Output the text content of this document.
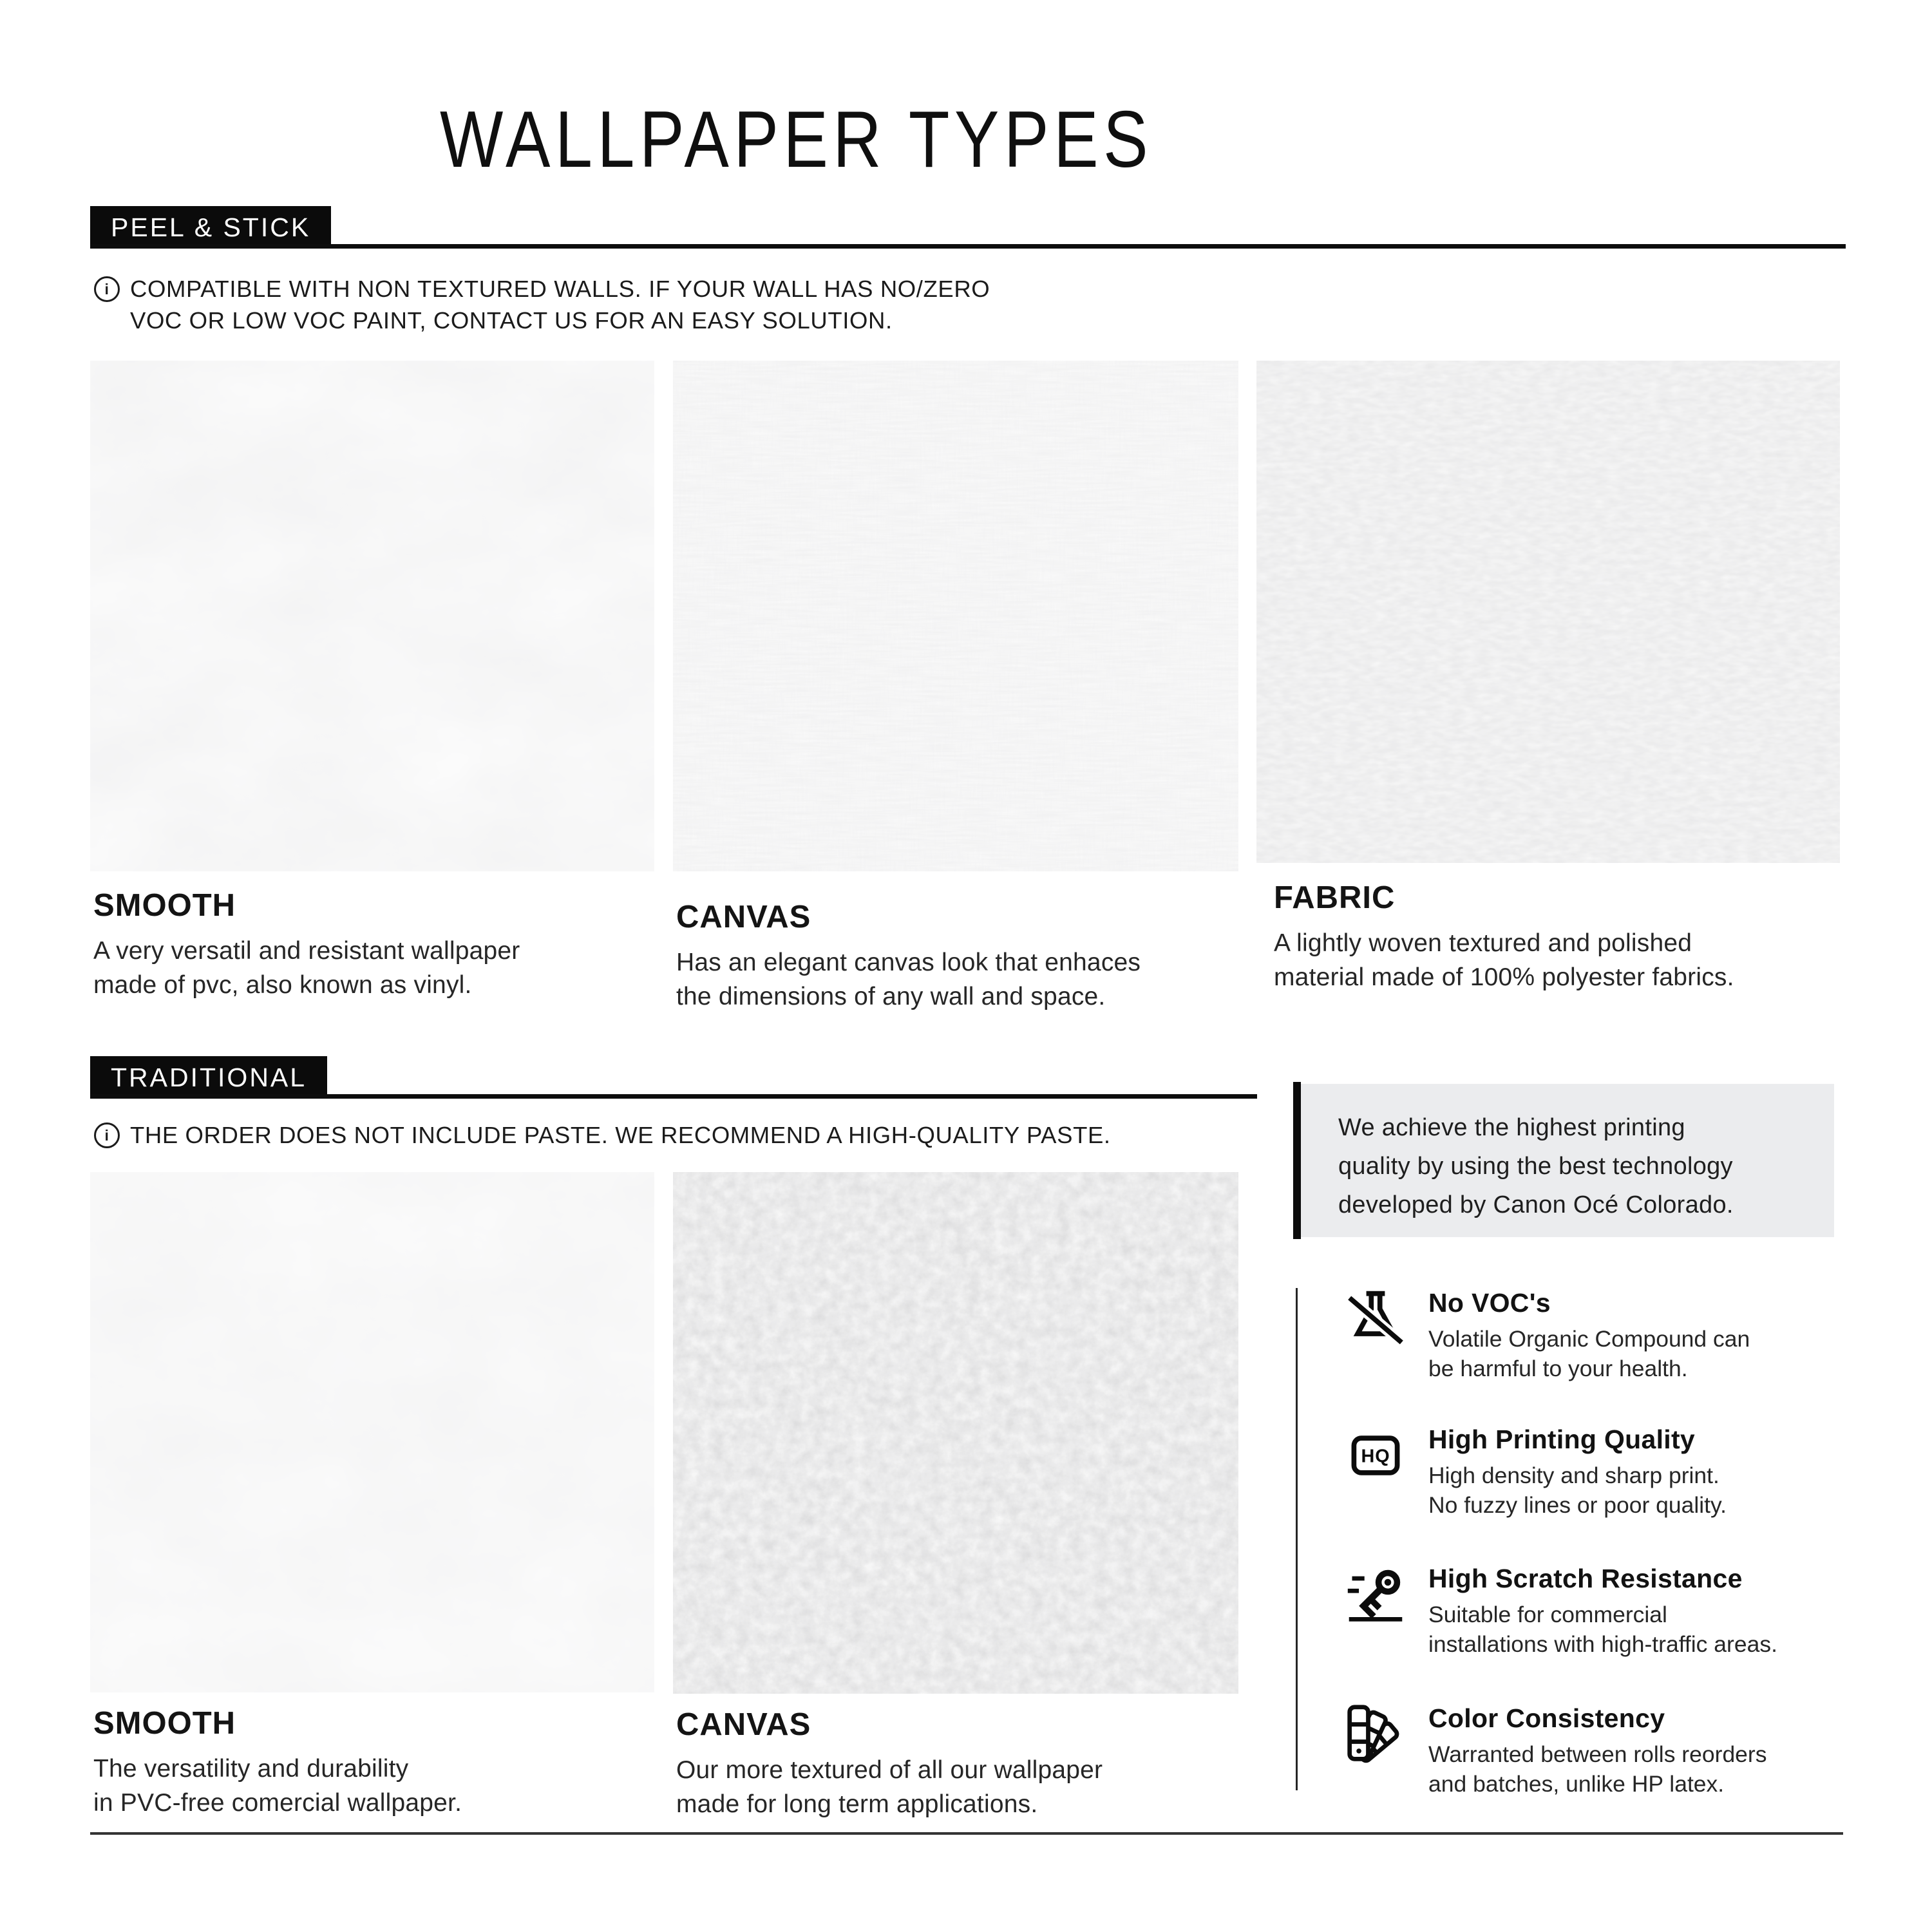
WALLPAPER TYPES
PEEL & STICK
i COMPATIBLE WITH NON TEXTURED WALLS. IF YOUR WALL HAS NO/ZERO
VOC OR LOW VOC PAINT, CONTACT US FOR AN EASY SOLUTION.
SMOOTH
A very versatil and resistant wallpaper
made of pvc, also known as vinyl.
CANVAS
Has an elegant canvas look that enhaces
the dimensions of any wall and space.
FABRIC
A lightly woven textured and polished
material made of 100% polyester fabrics.
TRADITIONAL
i THE ORDER DOES NOT INCLUDE PASTE. WE RECOMMEND A HIGH-QUALITY PASTE.
SMOOTH
The versatility and durability
in PVC-free comercial wallpaper.
CANVAS
Our more textured of all our wallpaper
made for long term applications.
We achieve the highest printing
quality by using the best technology
developed by Canon Océ Colorado.
No VOC's
Volatile Organic Compound can
be harmful to your health.
HQ
High Printing Quality
High density and sharp print.
No fuzzy lines or poor quality.
High Scratch Resistance
Suitable for commercial
installations with high-traffic areas.
Color Consistency
Warranted between rolls reorders
and batches, unlike HP latex.
